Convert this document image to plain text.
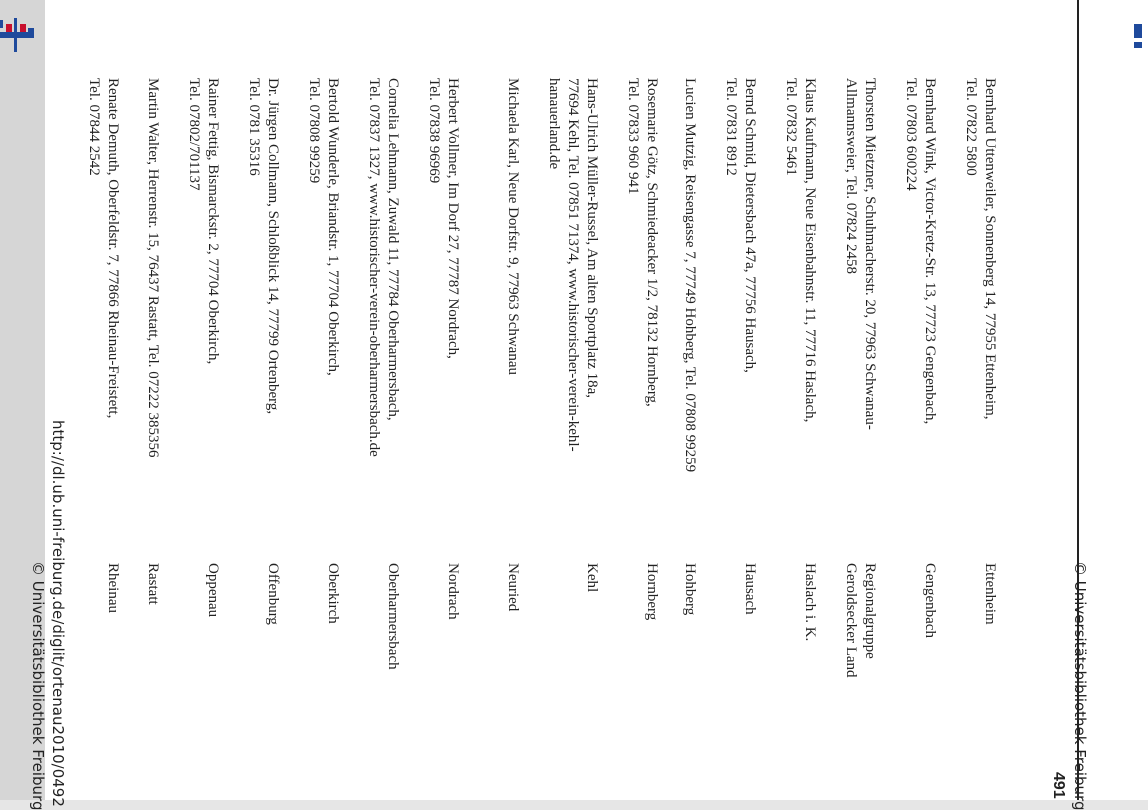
491 © Universitätsbibliothek Freiburg
Bernhard Uttenweiler, Sonnenberg 14, 77955 Ettenheim,
Tel. 07822 5800
Ettenheim
Bernhard Wink, Victor-Kretz-Str. 13, 77723 Gengenbach,
Tel. 07803 600224
Gengenbach
Thorsten Mietzner, Schuhmacherstr. 20, 77963 Schwanau-
Allmannsweier, Tel. 07824 2458
Regionalgruppe
Geroldsecker Land
Klaus Kaufmann, Neue Eisenbahnstr. 11, 77716 Haslach,
Tel. 07832 5461
Haslach i. K.
Bernd Schmid, Dietersbach 47a, 77756 Hausach,
Tel. 07831 8912
Hausach
Lucien Mutzig, Reisengasse 7, 77749 Hohberg, Tel. 07808 99259
Hohberg
Rosemarie Götz, Schmiedeacker 1/2, 78132 Hornberg,
Tel. 07833 960 941
Hornberg
Hans-Ulrich Müller-Russel, Am alten Sportplatz 18a,
77694 Kehl, Tel. 07851 71374, www.historischer-verein-kehl-
hanauerland.de
Kehl
Michaela Karl, Neue Dorfstr. 9, 77963 Schwanau
Neuried
Herbert Vollmer, Im Dorf 27, 77787 Nordrach,
Tel. 07838 96969
Nordrach
Cornelia Lehmann, Zuwald 11, 77784 Oberharmersbach,
Tel. 07837 1327, www.historischer-verein-oberharmersbach.de
Oberharmersbach
Bertold Wunderle, Briandstr. 1, 77704 Oberkirch,
Tel. 07808 99259
Oberkirch
Dr. Jürgen Collmann, Schloßblick 14, 77799 Ortenberg,
Tel. 0781 35316
Offenburg
Rainer Fettig, Bismarckstr. 2, 77704 Oberkirch,
Tel. 07802/701137
Oppenau
Martin Walter, Herrenstr. 15, 76437 Rastatt, Tel. 07222 385356
Rastatt
Renate Demuth, Oberfeldstr. 7, 77866 Rheinau-Freistett,
Tel. 07844 2542
Rheinau
http://dl.ub.uni-freiburg.de/diglit/ortenau2010/0492
© Universitätsbibliothek Freiburg
